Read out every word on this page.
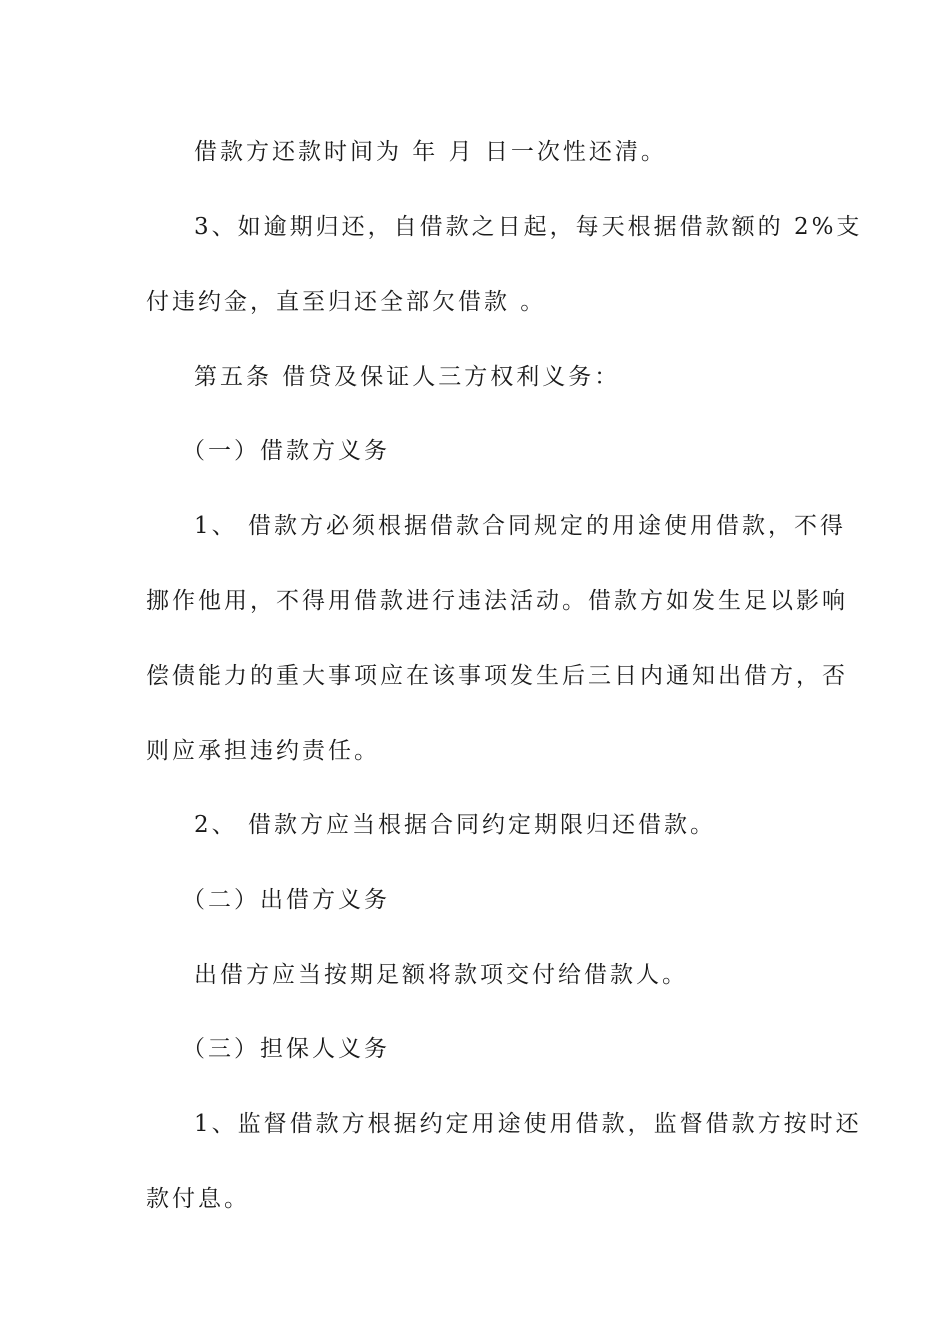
借款方还款时间为 年 月 日一次性还清。
3、如逾期归还，自借款之日起，每天根据借款额的 2%支
付违约金，直至归还全部欠借款 。
第五条 借贷及保证人三方权利义务：
（一）借款方义务
1、 借款方必须根据借款合同规定的用途使用借款，不得
挪作他用，不得用借款进行违法活动。借款方如发生足以影响
偿债能力的重大事项应在该事项发生后三日内通知出借方，否
则应承担违约责任。
2、 借款方应当根据合同约定期限归还借款。
（二）出借方义务
出借方应当按期足额将款项交付给借款人。
（三）担保人义务
1、监督借款方根据约定用途使用借款，监督借款方按时还
款付息。
